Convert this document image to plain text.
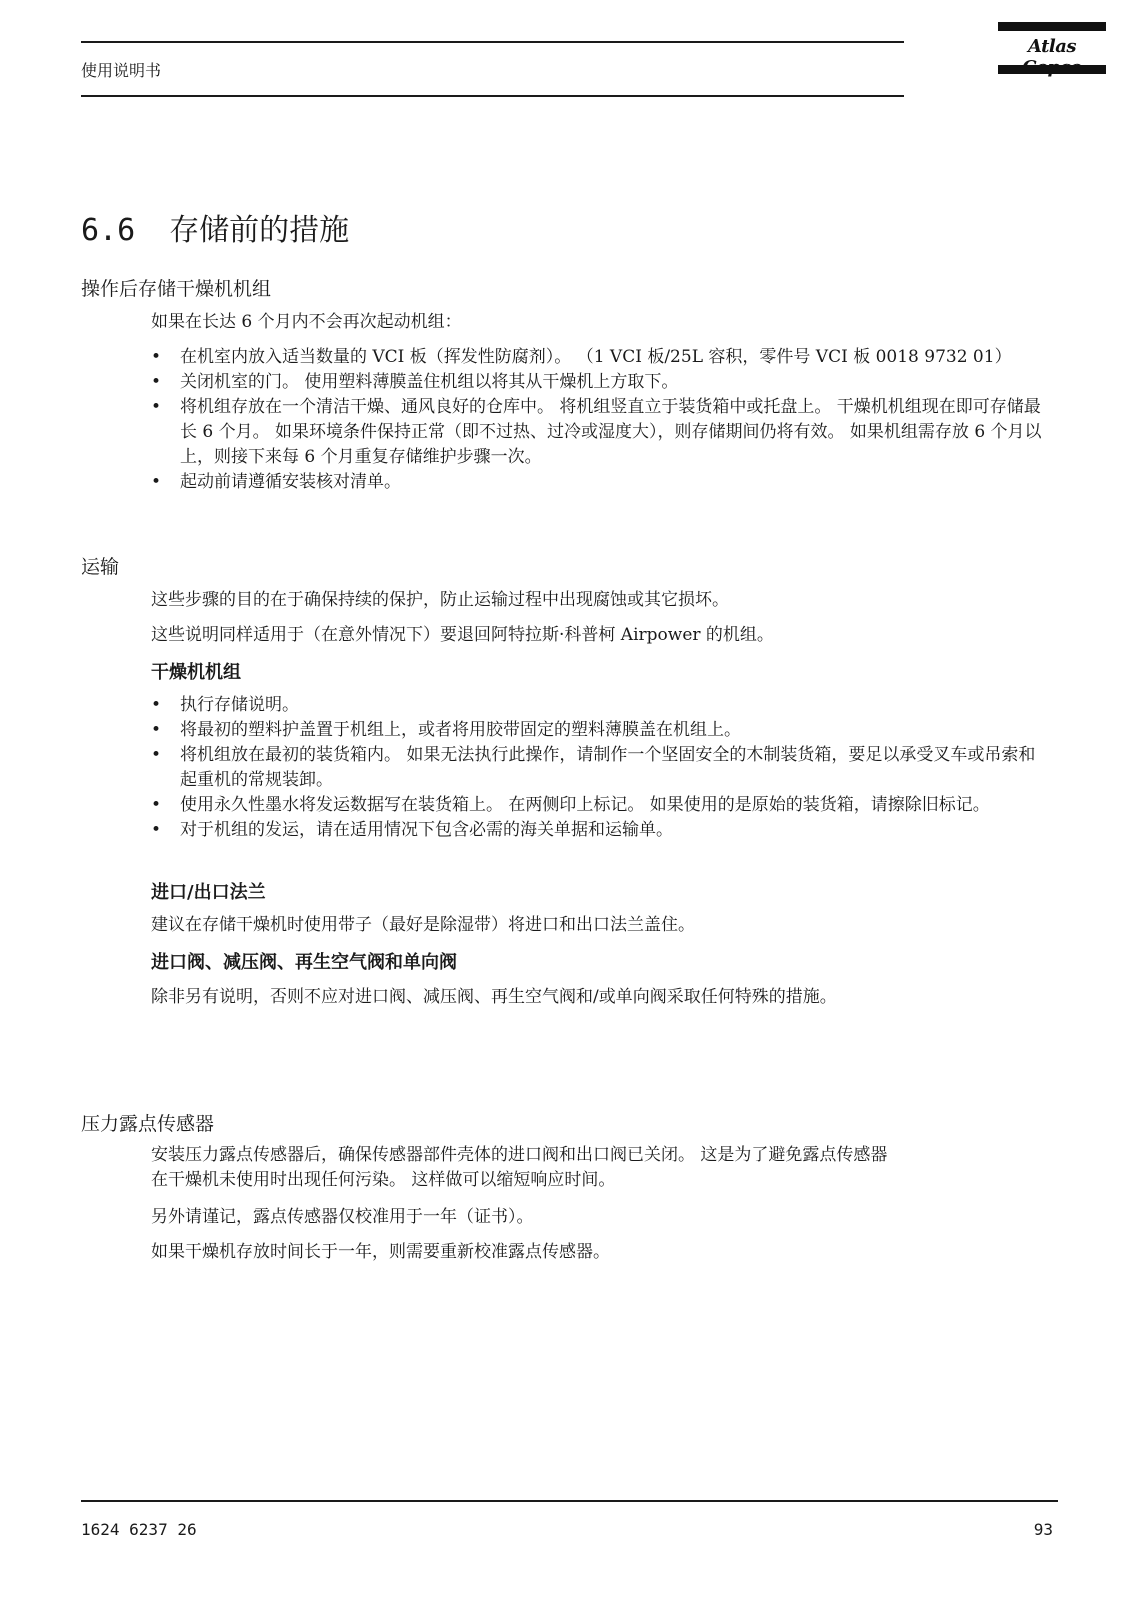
使用说明书
Atlas
6.6 存储前的措施
操作后存储干燥机机组
如果在长达 6 个月内不会再次起动机组：
• 在机室内放入适当数量的 VCI 板（挥发性防腐剂）。 （1 VCI 板/25L 容积，零件号 VCI 板 0018 9732 01）
• 关闭机室的门。 使用塑料薄膜盖住机组以将其从干燥机上方取下。
• 将机组存放在一个清洁干燥、通风良好的仓库中。 将机组竖直立于装货箱中或托盘上。 干燥机机组现在即可存储最长 6 个月。 如果环境条件保持正常（即不过热、过冷或湿度大），则存储期间仍将有效。 如果机组需存放 6 个月以上，则接下来每 6 个月重复存储维护步骤一次。
• 起动前请遵循安装核对清单。
运输
这些步骤的目的在于确保持续的保护，防止运输过程中出现腐蚀或其它损坏。
这些说明同样适用于（在意外情况下）要退回阿特拉斯·科普柯 Airpower 的机组。
干燥机机组
• 执行存储说明。
• 将最初的塑料护盖置于机组上，或者将用胶带固定的塑料薄膜盖在机组上。
• 将机组放在最初的装货箱内。 如果无法执行此操作，请制作一个坚固安全的木制装货箱，要足以承受叉车或吊索和起重机的常规装卸。
• 使用永久性墨水将发运数据写在装货箱上。 在两侧印上标记。 如果使用的是原始的装货箱，请擦除旧标记。
• 对于机组的发运，请在适用情况下包含必需的海关单据和运输单。
进口/出口法兰
建议在存储干燥机时使用带子（最好是除湿带）将进口和出口法兰盖住。
进口阀、减压阀、再生空气阀和单向阀
除非另有说明，否则不应对进口阀、减压阀、再生空气阀和/或单向阀采取任何特殊的措施。
压力露点传感器
安装压力露点传感器后，确保传感器部件壳体的进口阀和出口阀已关闭。 这是为了避免露点传感器
在干燥机未使用时出现任何污染。 这样做可以缩短响应时间。
另外请谨记，露点传感器仅校准用于一年（证书）。
如果干燥机存放时间长于一年，则需要重新校准露点传感器。
1624 6237 26	93
